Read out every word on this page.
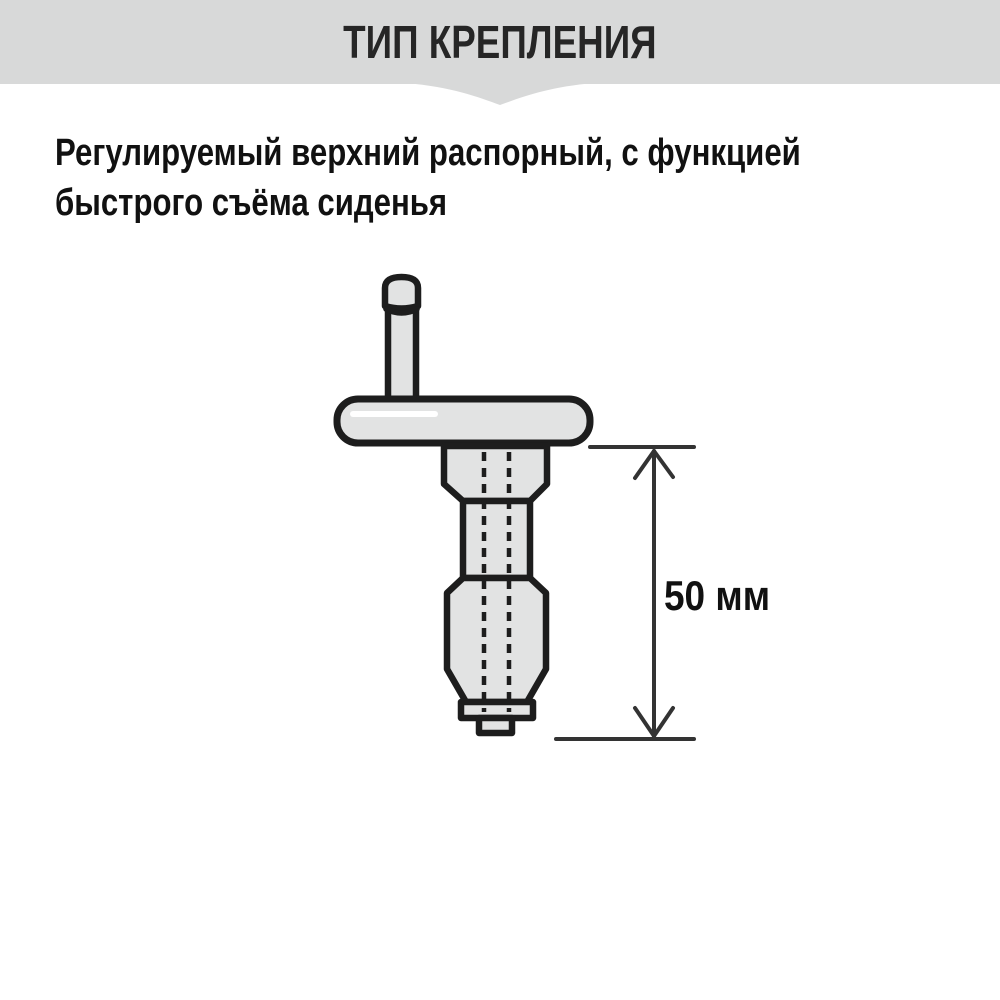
ТИП КРЕПЛЕНИЯ

Регулируемый верхний распорный, с функцией быстрого съёма сиденья

50 мм
